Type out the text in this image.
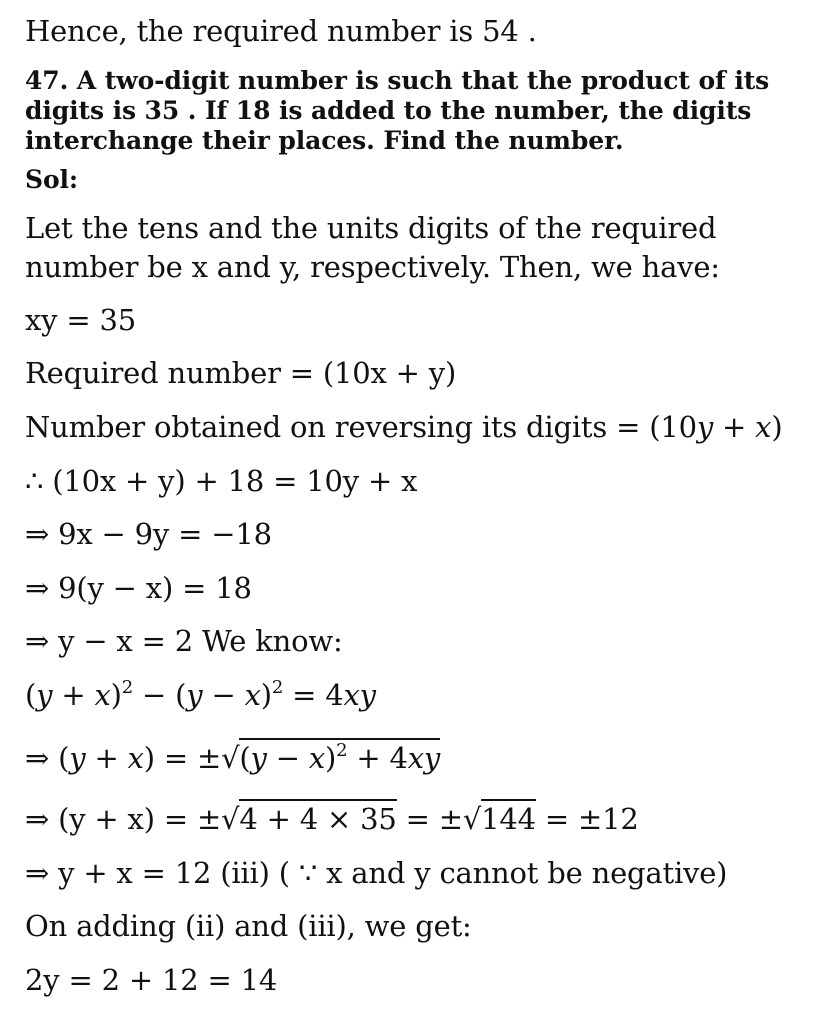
Hence, the required number is 54 .
47. A two-digit number is such that the product of its
digits is 35 . If 18 is added to the number, the digits
interchange their places. Find the number.
Sol:
Let the tens and the units digits of the required
number be x and y, respectively. Then, we have:
xy = 35
Required number = (10x + y)
Number obtained on reversing its digits = (10y + x)
∴ (10x + y) + 18 = 10y + x
⇒ 9x − 9y = −18
⇒ 9(y − x) = 18
⇒ y − x = 2 We know:
$(y + x)^2 - (y - x)^2 = 4xy$
⇒ $(y + x) = \pm√(y - x)^2 + 4xy$
⇒ (y + x) = ±√4 + 4 × 35 = ±√144 = ±12
⇒ y + x = 12 (iii) ( ∵ x and y cannot be negative)
On adding (ii) and (iii), we get:
2y = 2 + 12 = 14
